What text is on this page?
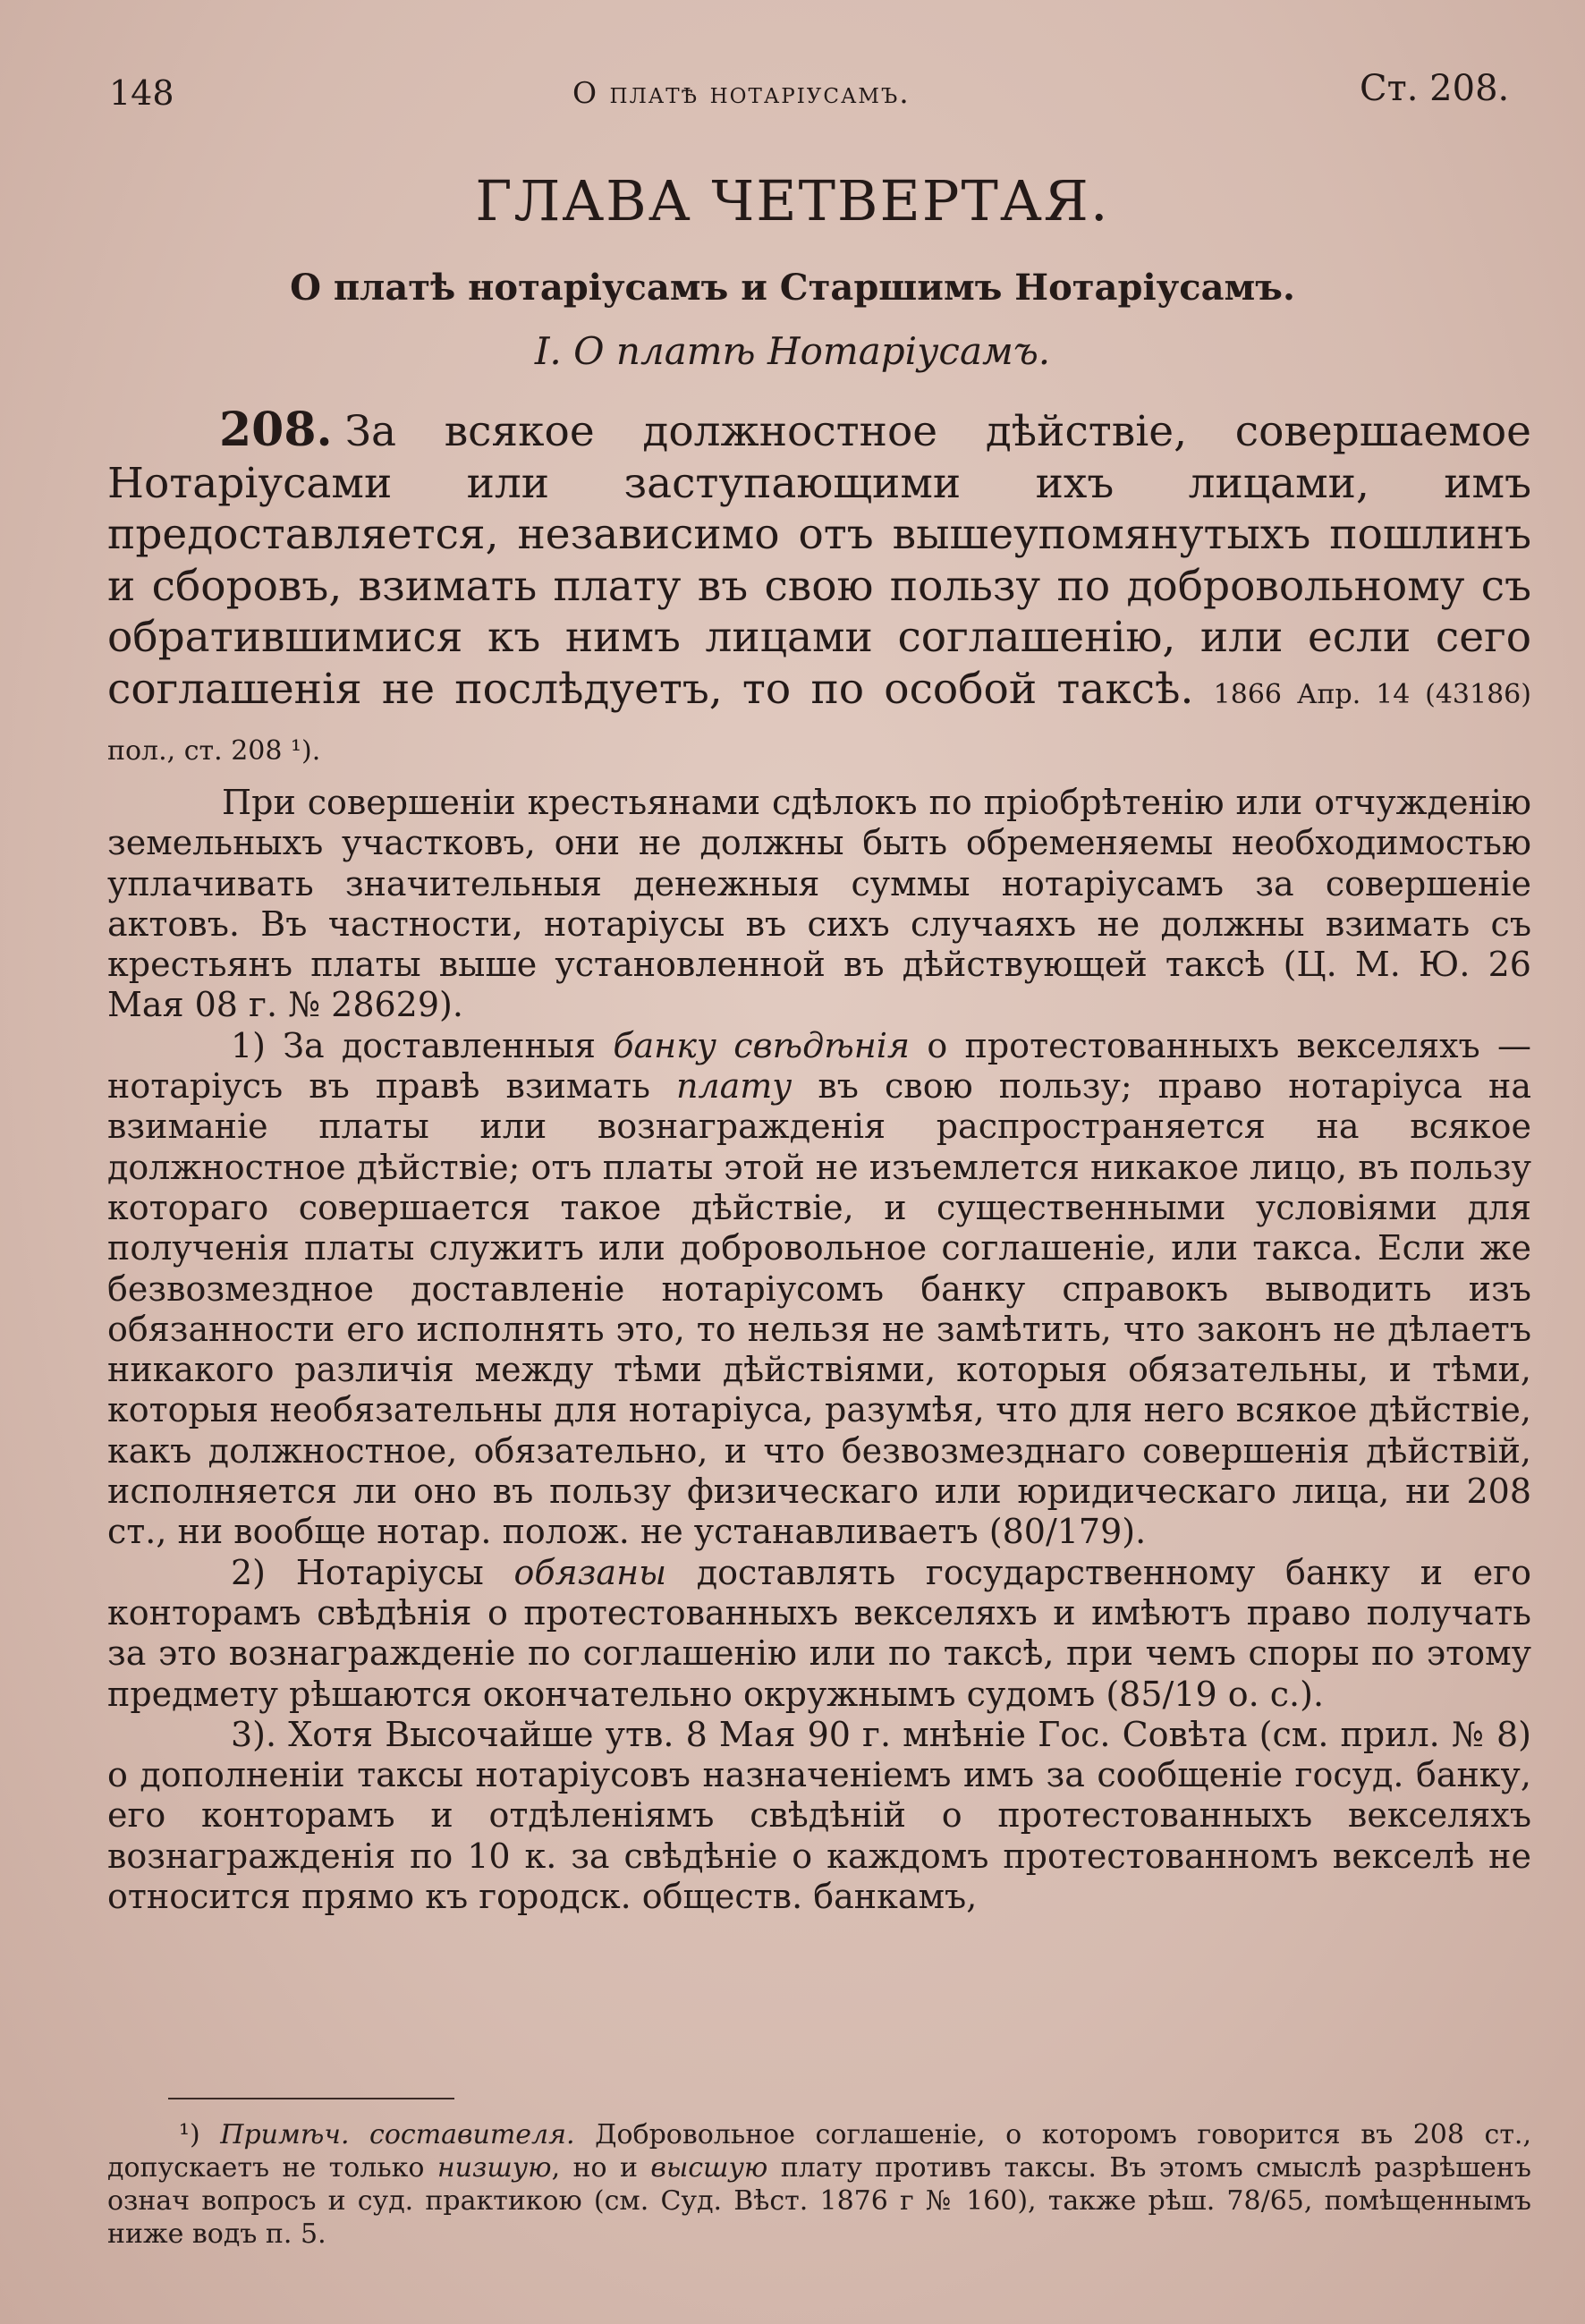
148	О платѣ нотаріусамъ.	Ст. 208.
ГЛАВА ЧЕТВЕРТАЯ.
О платѣ нотаріусамъ и Старшимъ Нотаріусамъ.
I. О платѣ Нотаріусамъ.
208. За всякое должностное дѣйствіе, совершаемое Нотаріусами или заступающими ихъ лицами, имъ предоставляется, независимо отъ вышеупомянутыхъ пошлинъ и сборовъ, взимать плату въ свою пользу по добровольному съ обратившимися къ нимъ лицами соглашенію, или если сего соглашенія не послѣдуетъ, то по особой таксѣ. 1866 Апр. 14 (43186) пол., ст. 208 ¹).

При совершеніи крестьянами сдѣлокъ по пріобрѣтенію или отчужденію земельныхъ участковъ, они не должны быть обременяемы необходимостью уплачивать значительныя денежныя суммы нотаріусамъ за совершеніе актовъ. Въ частности, нотаріусы въ сихъ случаяхъ не должны взимать съ крестьянъ платы выше установленной въ дѣйствующей таксѣ (Ц. М. Ю. 26 Мая 08 г. № 28629).

1) За доставленныя банку свѣдѣнія о протестованныхъ векселяхъ — нотаріусъ въ правѣ взимать плату въ свою пользу; право нотаріуса на взиманіе платы или вознагражденія распространяется на всякое должностное дѣйствіе; отъ платы этой не изъемлется никакое лицо, въ пользу котораго совершается такое дѣйствіе, и существенными условіями для полученія платы служитъ или добровольное соглашеніе, или такса. Если же безвозмездное доставленіе нотаріусомъ банку справокъ выводить изъ обязанности его исполнять это, то нельзя не замѣтить, что законъ не дѣлаетъ никакого различія между тѣми дѣйствіями, которыя обязательны, и тѣми, которыя необязательны для нотаріуса, разумѣя, что для него всякое дѣйствіе, какъ должностное, обязательно, и что безвозмезднаго совершенія дѣйствій, исполняется ли оно въ пользу физическаго или юридическаго лица, ни 208 ст., ни вообще нотар. полож. не устанавливаетъ (80/179).

2) Нотаріусы обязаны доставлять государственному банку и его конторамъ свѣдѣнія о протестованныхъ векселяхъ и имѣютъ право получать за это вознагражденіе по соглашенію или по таксѣ, при чемъ споры по этому предмету рѣшаются окончательно окружнымъ судомъ (85/19 о. с.).

3). Хотя Высочайше утв. 8 Мая 90 г. мнѣніе Гос. Совѣта (см. прил. № 8) о дополненіи таксы нотаріусовъ назначеніемъ имъ за сообщеніе госуд. банку, его конторамъ и отдѣленіямъ свѣдѣній о протестованныхъ векселяхъ вознагражденія по 10 к. за свѣдѣніе о каждомъ протестованномъ векселѣ не относится прямо къ городск. обществ. банкамъ,

¹) Примѣч. составителя. Добровольное соглашеніе, о которомъ говорится въ 208 ст., допускаетъ не только низшую, но и высшую плату противъ таксы. Въ этомъ смыслѣ разрѣшенъ означ вопросъ и суд. практикою (см. Суд. Вѣст. 1876 г № 160), также рѣш. 78/65, помѣщеннымъ ниже водъ п. 5.
